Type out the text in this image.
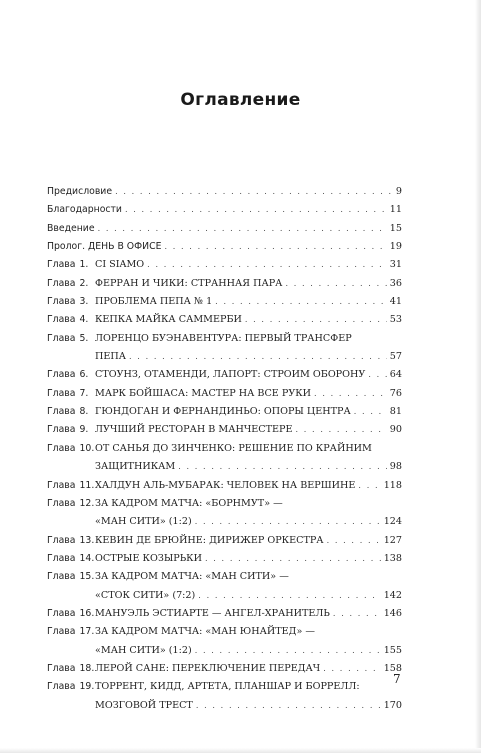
Оглавление
Предисловие . . .	9
Благодарности . . .	11
Введение . . .	15
Пролог. ДЕНЬ В ОФИСЕ . . .	19
Глава 1. CI SIAMO . . .	31
Глава 2. ФЕРРАН И ЧИКИ: СТРАННАЯ ПАРА . . .	36
Глава 3. ПРОБЛЕМА ПЕПА № 1 . . .	41
Глава 4. КЕПКА МАЙКА САММЕРБИ . . .	53
Глава 5. ЛОРЕНЦО БУЭНАВЕНТУРА: ПЕРВЫЙ ТРАНСФЕР
ПЕПА . . .	57
Глава 6. СТОУНЗ, ОТАМЕНДИ, ЛАПОРТ: СТРОИМ ОБОРОНУ . . .	64
Глава 7. МАРК БОЙШАСА: МАСТЕР НА ВСЕ РУКИ . . .	76
Глава 8. ГЮНДОГАН И ФЕРНАНДИНЬО: ОПОРЫ ЦЕНТРА . . .	81
Глава 9. ЛУЧШИЙ РЕСТОРАН В МАНЧЕСТЕРЕ . . .	90
Глава 10. ОТ САНЬЯ ДО ЗИНЧЕНКО: РЕШЕНИЕ ПО КРАЙНИМ
ЗАЩИТНИКАМ . . .	98
Глава 11. ХАЛДУН АЛЬ-МУБАРАК: ЧЕЛОВЕК НА ВЕРШИНЕ . . .	118
Глава 12. ЗА КАДРОМ МАТЧА: «БОРНМУТ» —
«МАН СИТИ» (1:2) . . .	124
Глава 13. КЕВИН ДЕ БРЮЙНЕ: ДИРИЖЕР ОРКЕСТРА . . .	127
Глава 14. ОСТРЫЕ КОЗЫРЬКИ . . .	138
Глава 15. ЗА КАДРОМ МАТЧА: «МАН СИТИ» —
«СТОК СИТИ» (7:2) . . .	142
Глава 16. МАНУЭЛЬ ЭСТИАРТЕ — АНГЕЛ-ХРАНИТЕЛЬ . . .	146
Глава 17. ЗА КАДРОМ МАТЧА: «МАН ЮНАЙТЕД» —
«МАН СИТИ» (1:2) . . .	155
Глава 18. ЛЕРОЙ САНЕ: ПЕРЕКЛЮЧЕНИЕ ПЕРЕДАЧ . . .	158
Глава 19. ТОРРЕНТ, КИДД, АРТЕТА, ПЛАНШАР И БОРРЕЛЛ:
МОЗГОВОЙ ТРЕСТ . . .	170
7
